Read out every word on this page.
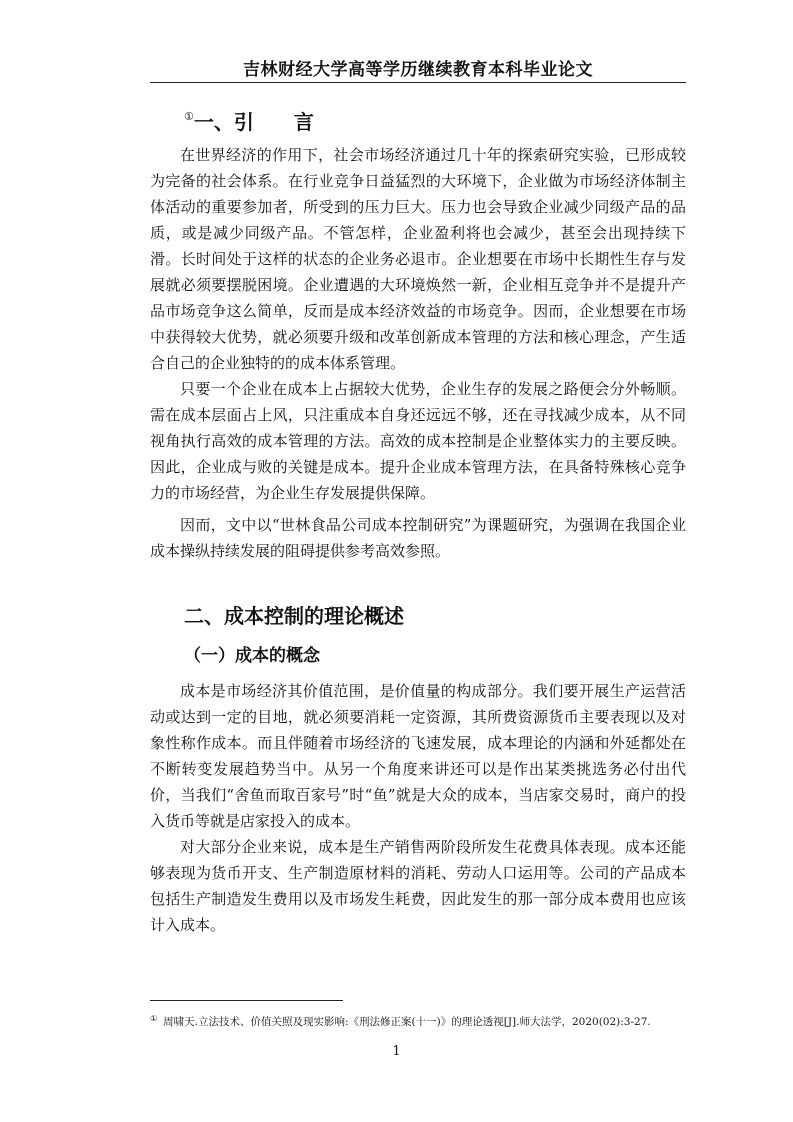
吉林财经大学高等学历继续教育本科毕业论文
①一、引　　言

在世界经济的作用下，社会市场经济通过几十年的探索研究实验，已形成较为完备的社会体系。在行业竞争日益猛烈的大环境下，企业做为市场经济体制主体活动的重要参加者，所受到的压力巨大。压力也会导致企业减少同级产品的品质，或是减少同级产品。不管怎样，企业盈利将也会减少，甚至会出现持续下滑。长时间处于这样的状态的企业务必退市。企业想要在市场中长期性生存与发展就必须要摆脱困境。企业遭遇的大环境焕然一新，企业相互竞争并不是提升产品市场竞争这么简单，反而是成本经济效益的市场竞争。因而，企业想要在市场中获得较大优势，就必须要升级和改革创新成本管理的方法和核心理念，产生适合自己的企业独特的的成本体系管理。

只要一个企业在成本上占据较大优势，企业生存的发展之路便会分外畅顺。需在成本层面占上风，只注重成本自身还远远不够，还在寻找减少成本，从不同视角执行高效的成本管理的方法。高效的成本控制是企业整体实力的主要反映。因此，企业成与败的关键是成本。提升企业成本管理方法，在具备特殊核心竞争力的市场经营，为企业生存发展提供保障。

因而，文中以“世林食品公司成本控制研究”为课题研究，为强调在我国企业成本操纵持续发展的阻碍提供参考高效参照。

二、成本控制的理论概述
（一）成本的概念

成本是市场经济其价值范围，是价值量的构成部分。我们要开展生产运营活动或达到一定的目地，就必须要消耗一定资源，其所费资源货币主要表现以及对象性称作成本。而且伴随着市场经济的飞速发展，成本理论的内涵和外延都处在不断转变发展趋势当中。从另一个角度来讲还可以是作出某类挑选务必付出代价，当我们“舍鱼而取百家号”时“鱼”就是大众的成本，当店家交易时，商户的投入货币等就是店家投入的成本。

对大部分企业来说，成本是生产销售两阶段所发生花费具体表现。成本还能够表现为货币开支、生产制造原材料的消耗、劳动人口运用等。公司的产品成本包括生产制造发生费用以及市场发生耗费，因此发生的那一部分成本费用也应该计入成本。

① 周啸天.立法技术、价值关照及现实影响:《刑法修正案(十一)》的理论透视[J].师大法学，2020(02):3-27.
1
